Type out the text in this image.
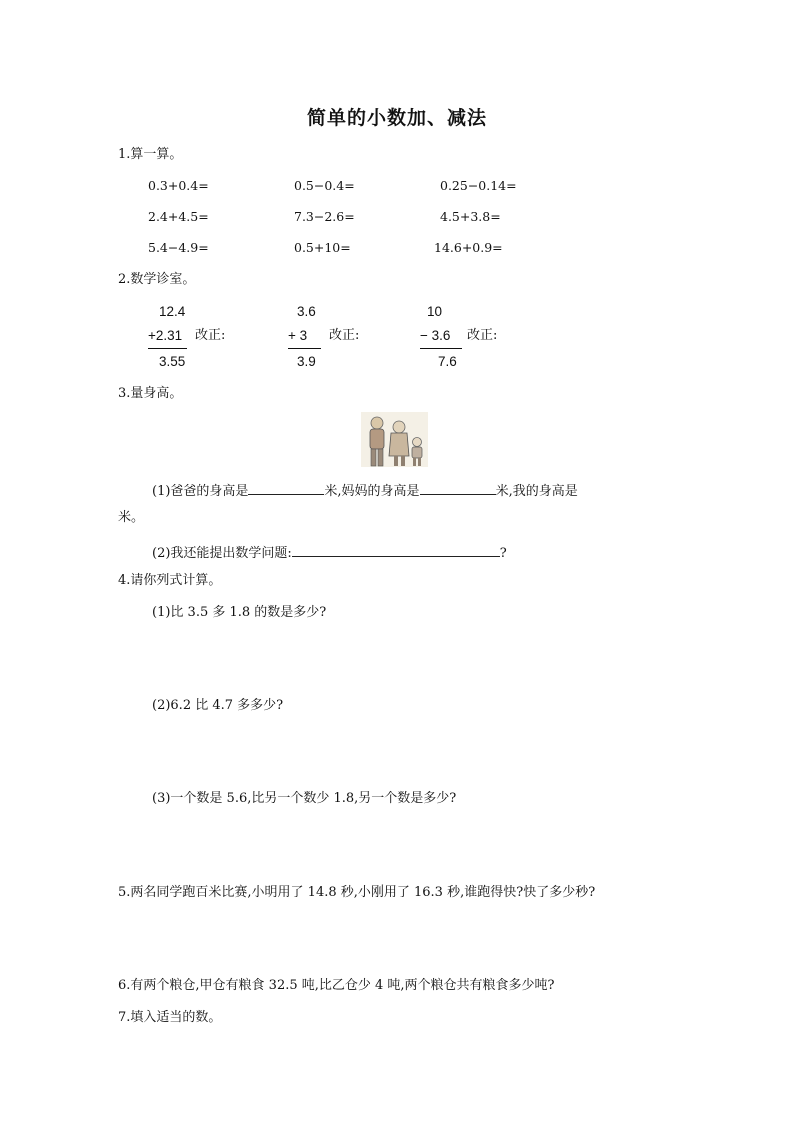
简单的小数加、减法
1.算一算。
0.3+0.4=	0.5−0.4=	0.25−0.14=
2.4+4.5=	7.3−2.6=	4.5+3.8=
5.4−4.9=	0.5+10=	14.6+0.9=
2.数学诊室。
12.4
+2.31
3.55
改正:
3.6
+ 3
3.9
改正:
10
− 3.6
7.6
改正:
3.量身高。
(1)爸爸的身高是	米,妈妈的身高是	米,我的身高是
米。
(2)我还能提出数学问题:	?
4.请你列式计算。
(1)比 3.5 多 1.8 的数是多少?
(2)6.2 比 4.7 多多少?
(3)一个数是 5.6,比另一个数少 1.8,另一个数是多少?
5.两名同学跑百米比赛,小明用了 14.8 秒,小刚用了 16.3 秒,谁跑得快?快了多少秒?
6.有两个粮仓,甲仓有粮食 32.5 吨,比乙仓少 4 吨,两个粮仓共有粮食多少吨?
7.填入适当的数。
